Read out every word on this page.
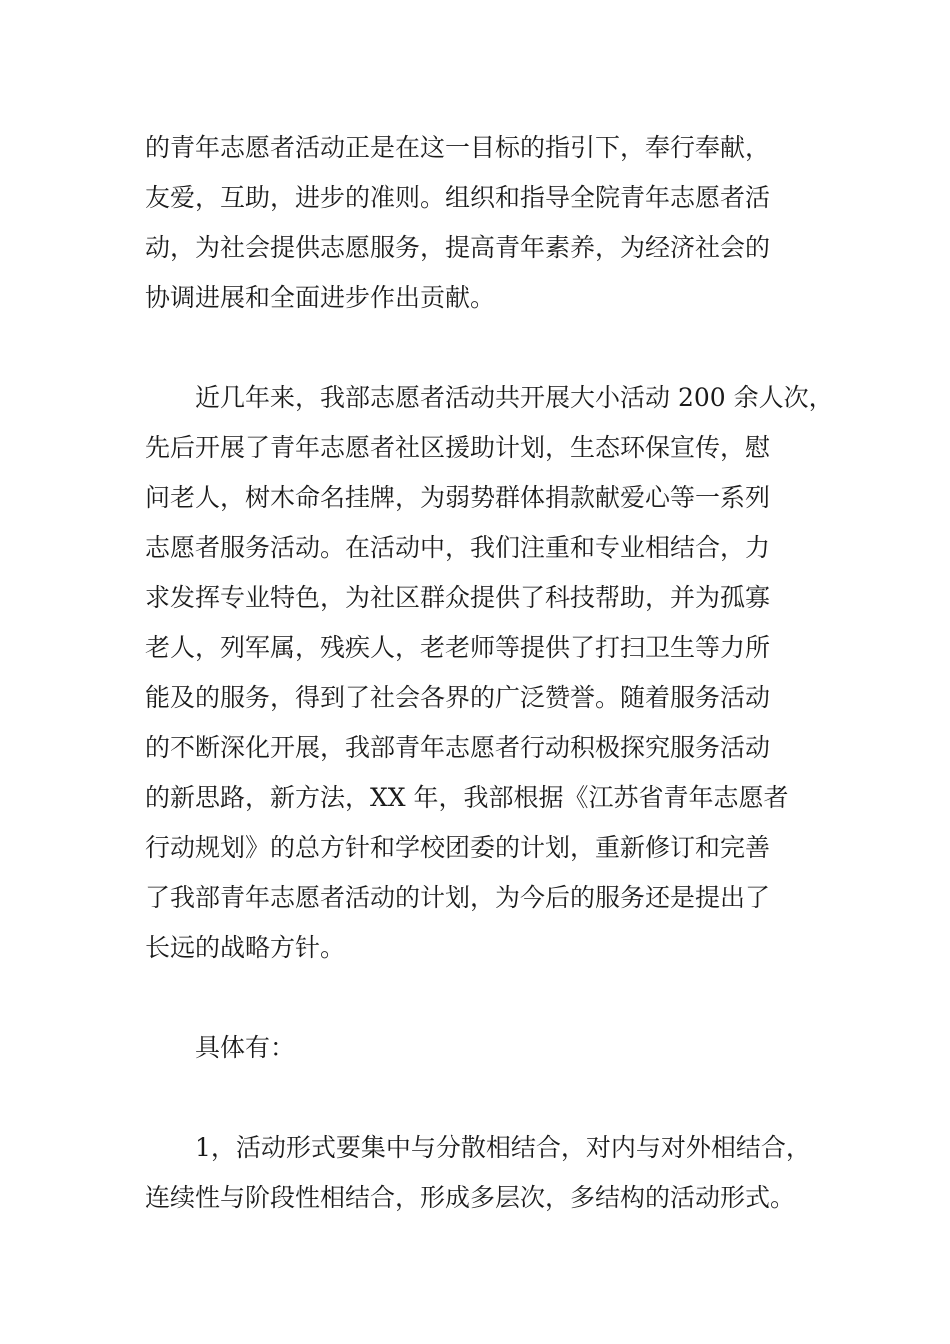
的青年志愿者活动正是在这一目标的指引下，奉行奉献，

友爱，互助，进步的准则。组织和指导全院青年志愿者活

动，为社会提供志愿服务，提高青年素养，为经济社会的

协调进展和全面进步作出贡献。

近几年来，我部志愿者活动共开展大小活动 200 余人次，

先后开展了青年志愿者社区援助计划，生态环保宣传，慰

问老人，树木命名挂牌，为弱势群体捐款献爱心等一系列

志愿者服务活动。在活动中，我们注重和专业相结合，力

求发挥专业特色，为社区群众提供了科技帮助，并为孤寡

老人，列军属，残疾人，老老师等提供了打扫卫生等力所

能及的服务，得到了社会各界的广泛赞誉。随着服务活动

的不断深化开展，我部青年志愿者行动积极探究服务活动

的新思路，新方法，XX 年，我部根据《江苏省青年志愿者

行动规划》的总方针和学校团委的计划，重新修订和完善

了我部青年志愿者活动的计划，为今后的服务还是提出了

长远的战略方针。

具体有：

1，活动形式要集中与分散相结合，对内与对外相结合，

连续性与阶段性相结合，形成多层次，多结构的活动形式。
